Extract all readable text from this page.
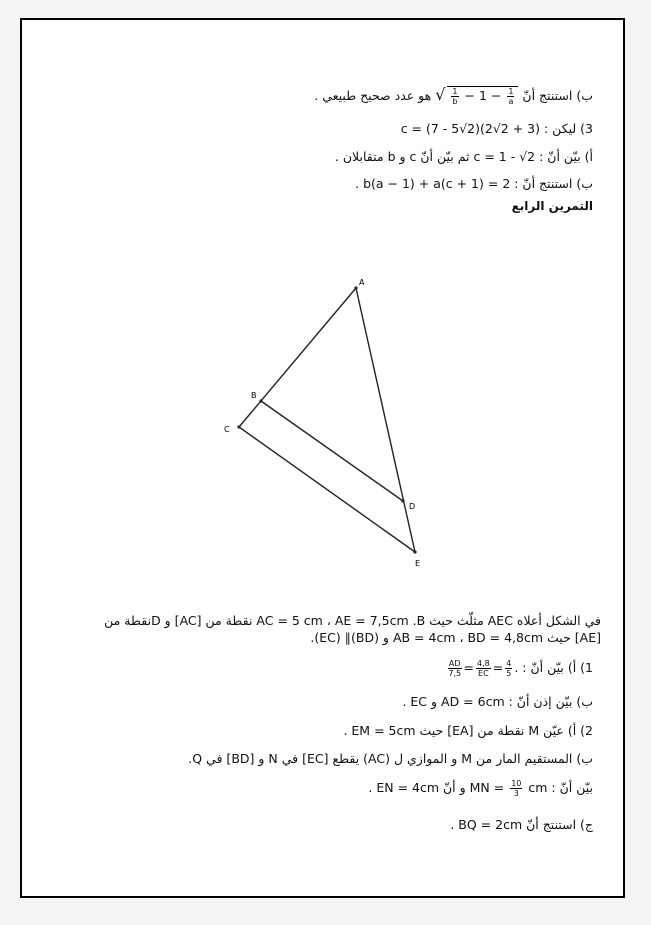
ب) استنتج أنّ √ $\frac{1}{b} - 1 - \frac{1}{a}$
هو عدد صحيح طبيعي .
3) ليكن : c = (7 - 5√2)(2√2 + 3)
أ) بيّن أنّ : c = 1 - √2 ثم بيّن أنّ c و b متقابلان .
ب) استنتج أنّ : 2 = b(a − 1) + a(c + 1) .
التمرين الرابع
A
B
C
D
E
في الشكل أعلاه AEC مثلّث حيث AC = 5 cm ، AE = 7,5cm .B نقطة من [AC] و Dنقطة من
[AE] حيث AB = 4cm ، BD = 4,8cm و (BD)∥ (EC).
1) أ) بيّن أنّ :
$\frac{AD}{7,5} = \frac{4,8}{EC} = \frac{4}{5}$ .
ب) بيّن إذن أنّ : AD = 6cm و EC .
2) أ) عيّن M نقطة من [EA] حيث EM = 5cm .
ب) المستقيم المار من M و الموازي ل (AC) يقطع [EC] في N و [BD] في Q.
بيّن أنّ : MN =
$\frac{10}{3}$
cm و أنّ EN = 4cm .
ج) استنتج أنّ BQ = 2cm .
